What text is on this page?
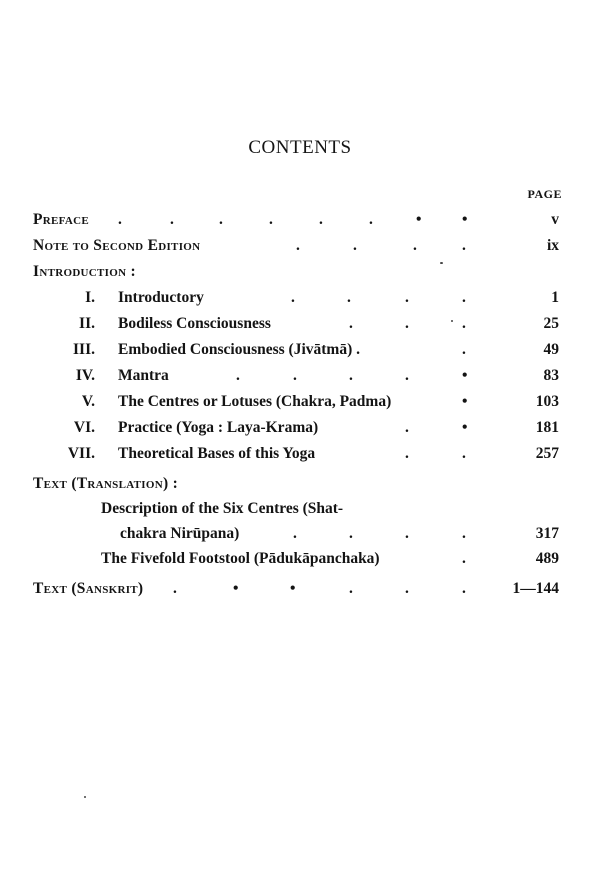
CONTENTS
PAGE
Preface .	.	.	.	.	.	•	•	v
Note to Second Edition	.	.	.	.	ix
Introduction :
I. Introductory	.	.	.	.	1
II. Bodiless Consciousness	.	.	.	25
III. Embodied Consciousness (Jivātmā) .	.	49
IV. Mantra	.	.	.	.	•	83
V. The Centres or Lotuses (Chakra, Padma)	•	103
VI. Practice (Yoga : Laya-Krama)	.	•	181
VII. Theoretical Bases of this Yoga	.	.	257
Text (Translation) :
Description of the Six Centres (Shat-
chakra Nirūpana)	.	.	.	.	317
The Fivefold Footstool (Pādukāpanchaka)	.	489
Text (Sanskrit) .	•	•	.	.	.	1—144
